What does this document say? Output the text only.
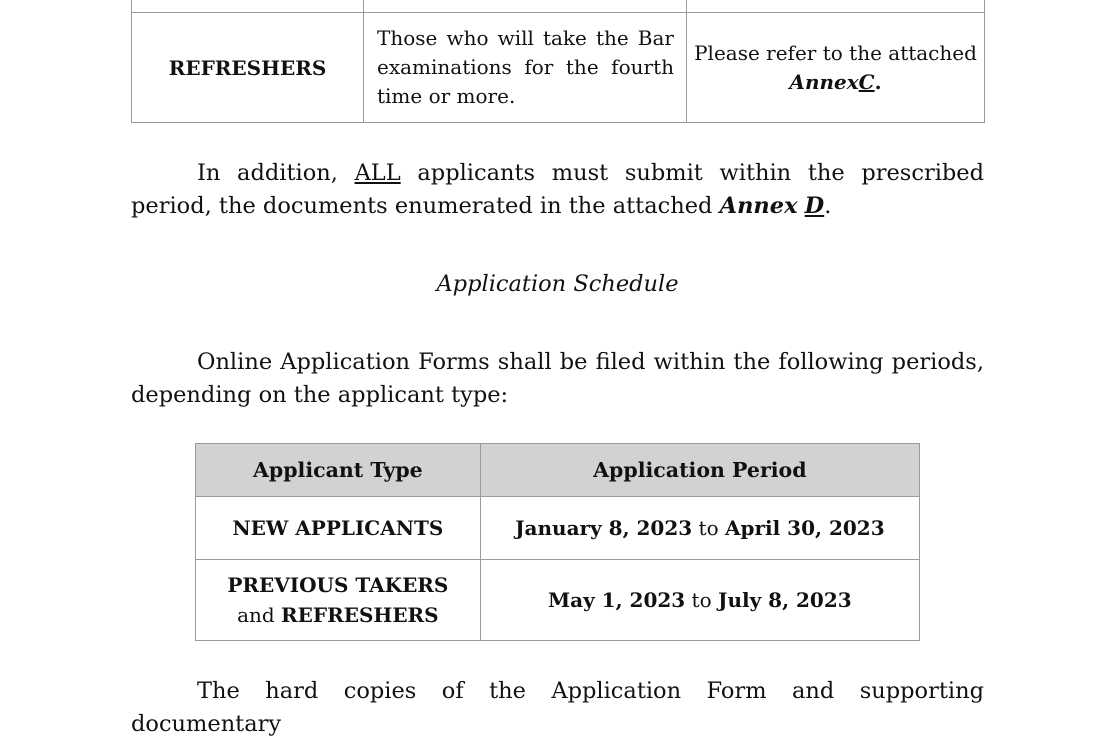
REFRESHERS	Those who will take the Bar examinations for the fourth time or more.	Please refer to the attached AnnexC.

In addition, ALL applicants must submit within the prescribed period, the documents enumerated in the attached Annex D.

Application Schedule

Online Application Forms shall be filed within the following periods, depending on the applicant type:

Applicant Type	Application Period
NEW APPLICANTS	January 8, 2023 to April 30, 2023
PREVIOUS TAKERS
and REFRESHERS	May 1, 2023 to July 8, 2023

The hard copies of the Application Form and supporting documentary
